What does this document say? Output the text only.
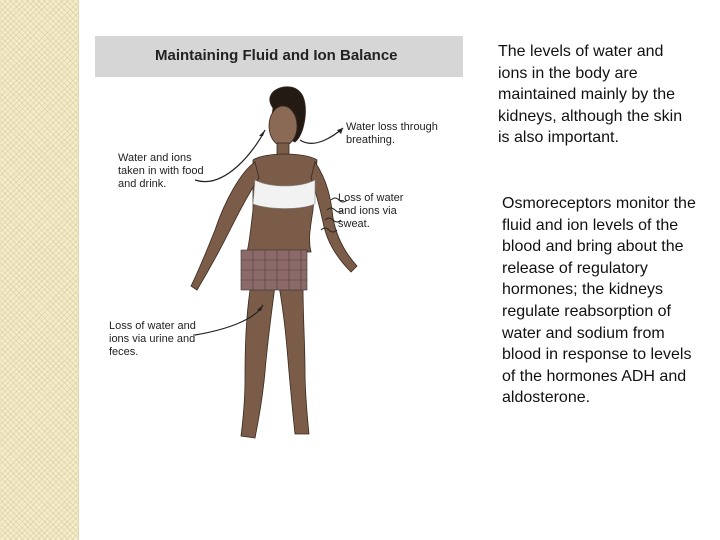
Maintaining Fluid and Ion Balance
Water and ions taken in with food and drink.
Water loss through breathing.
Loss of water and ions via sweat.
Loss of water and ions via urine and feces.
The levels of water and ions in the body are maintained mainly by the kidneys, although the skin is also important.
Osmoreceptors monitor the fluid and ion levels of the blood and bring about the release of regulatory hormones; the kidneys regulate reabsorption of water and sodium from blood in response to levels of the hormones ADH and aldosterone.
